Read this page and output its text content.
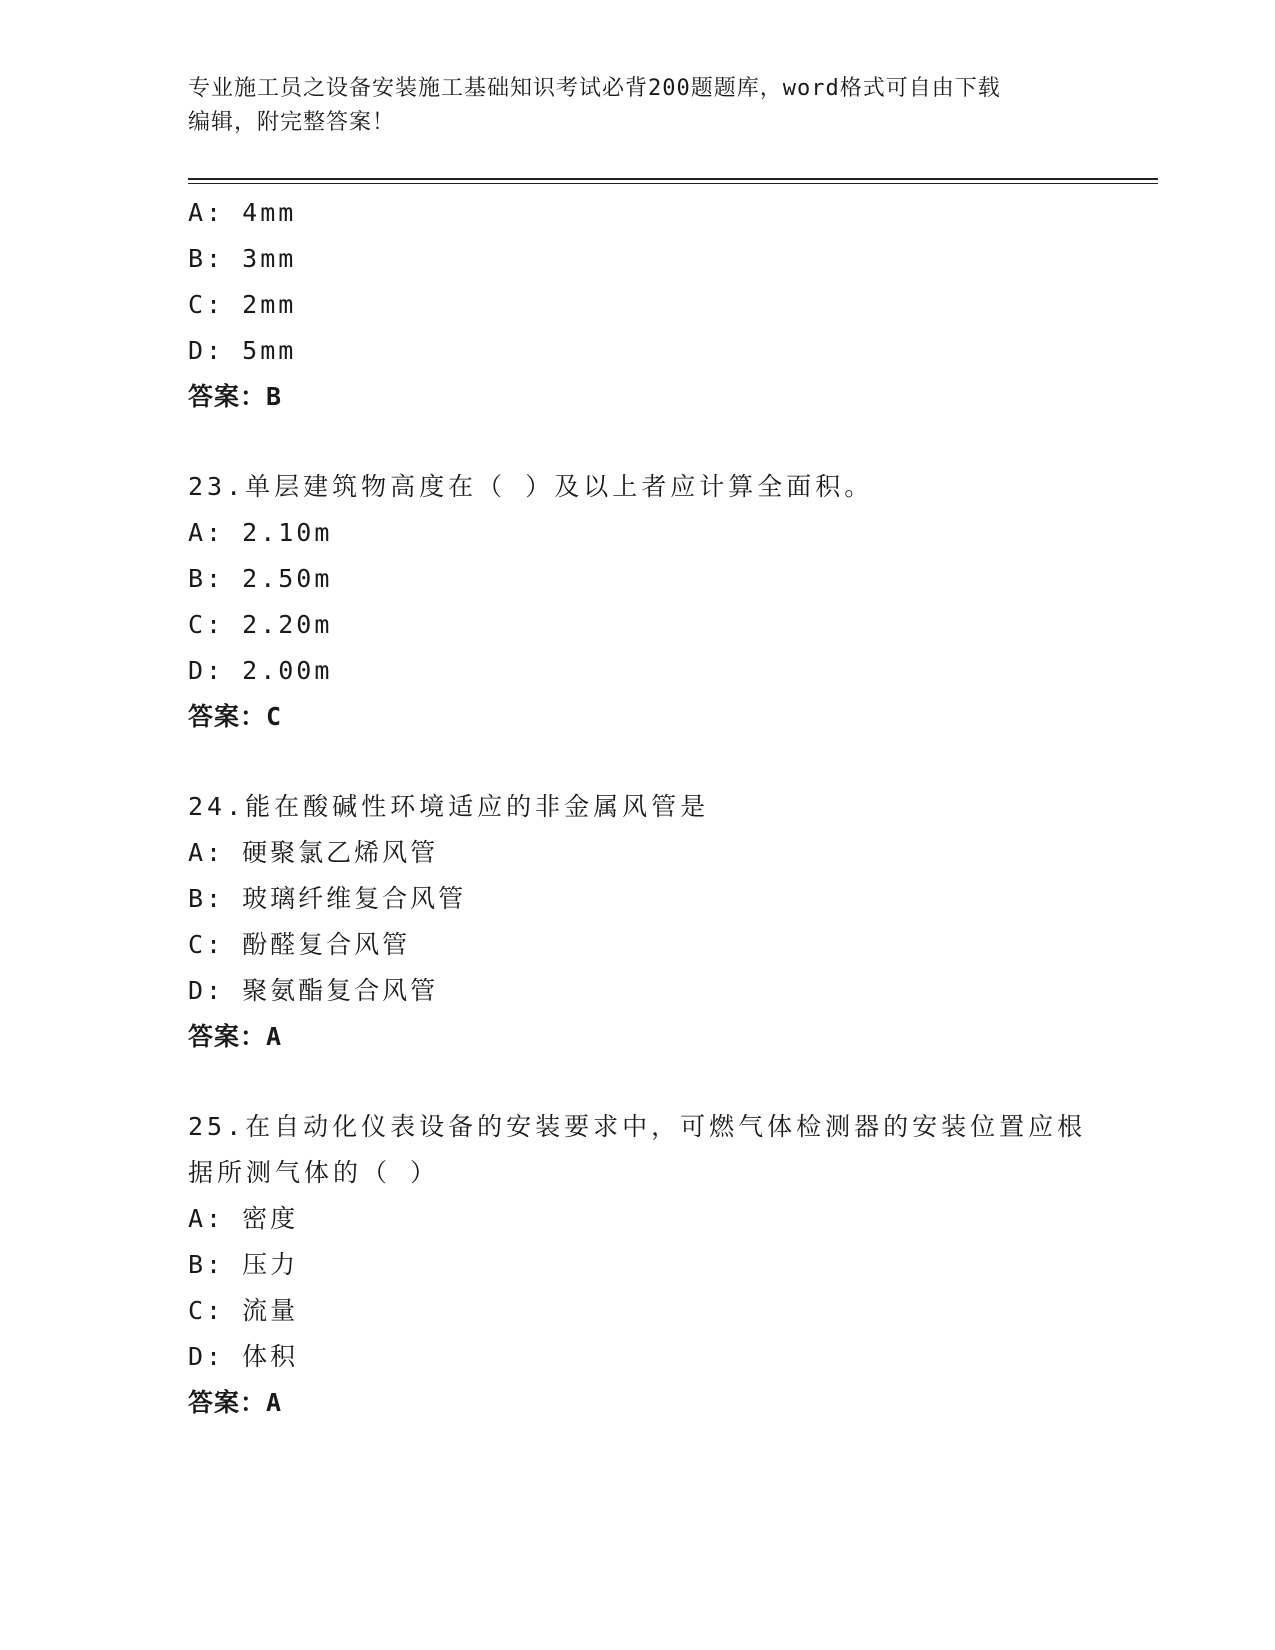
专业施工员之设备安装施工基础知识考试必背200题题库，word格式可自由下载
编辑，附完整答案！
A: 4mm
B: 3mm
C: 2mm
D: 5mm
答案：B
23.单层建筑物高度在（ ）及以上者应计算全面积。
A: 2.10m
B: 2.50m
C: 2.20m
D: 2.00m
答案：C
24.能在酸碱性环境适应的非金属风管是
A: 硬聚氯乙烯风管
B: 玻璃纤维复合风管
C: 酚醛复合风管
D: 聚氨酯复合风管
答案：A
25.在自动化仪表设备的安装要求中，可燃气体检测器的安装位置应根
据所测气体的（ ）
A: 密度
B: 压力
C: 流量
D: 体积
答案：A
